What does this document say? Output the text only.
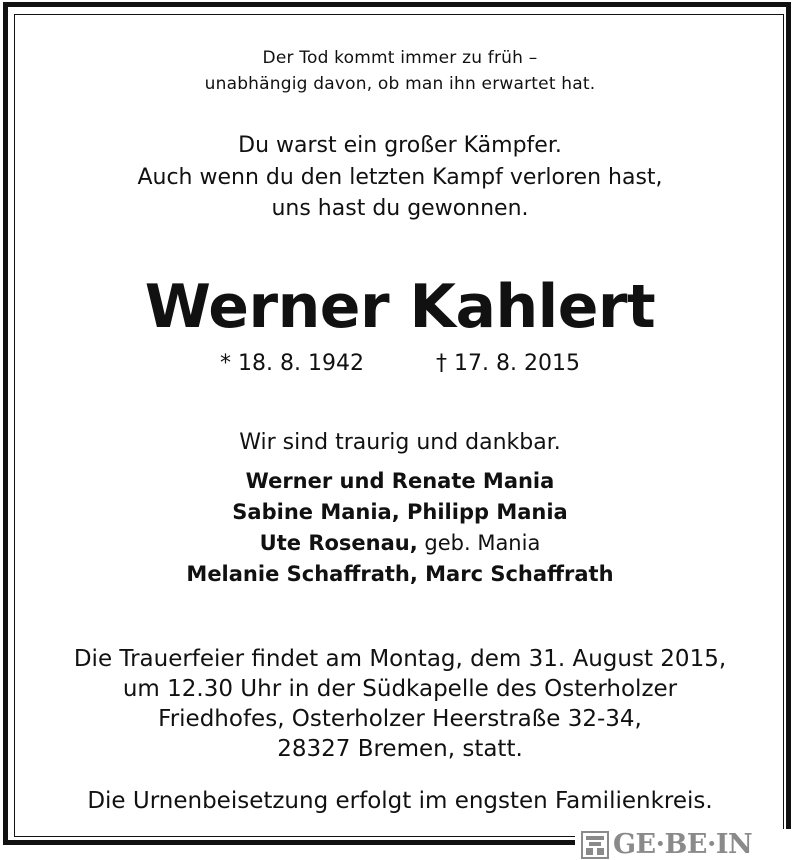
Der Tod kommt immer zu früh –
unabhängig davon, ob man ihn erwartet hat.
Du warst ein großer Kämpfer.
Auch wenn du den letzten Kampf verloren hast,
uns hast du gewonnen.
Werner Kahlert
* 18. 8. 1942	† 17. 8. 2015
Wir sind traurig und dankbar.
Werner und Renate Mania
Sabine Mania, Philipp Mania
Ute Rosenau, geb. Mania
Melanie Schaffrath, Marc Schaffrath
Die Trauerfeier findet am Montag, dem 31. August 2015,
um 12.30 Uhr in der Südkapelle des Osterholzer
Friedhofes, Osterholzer Heerstraße 32-34,
28327 Bremen, statt.
Die Urnenbeisetzung erfolgt im engsten Familienkreis.
GE·BE·IN
